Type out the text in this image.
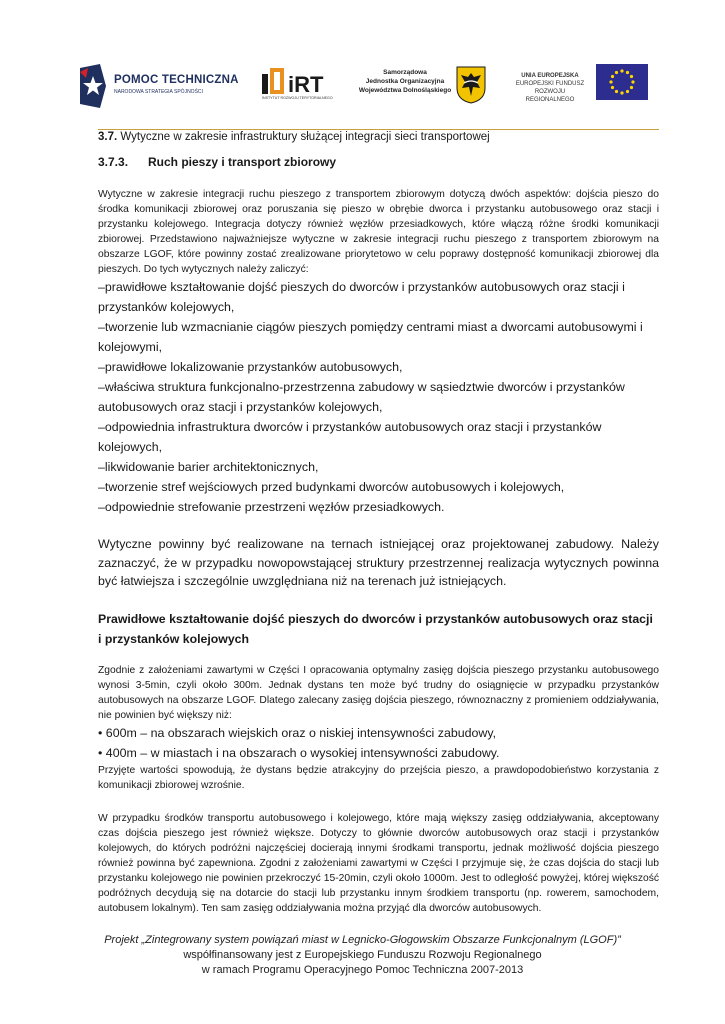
POMOC TECHNICZNA
NARODOWA STRATEGIA SPÓJNOŚCI	iRT
INSTYTUT ROZWOJU TERYTORIALNEGO
Samorządowa
Jednostka Organizacyjna
Województwa Dolnośląskiego
UNIA EUROPEJSKA
EUROPEJSKI FUNDUSZ
ROZWOJU REGIONALNEGO
3.7. Wytyczne w zakresie infrastruktury służącej integracji sieci transportowej
3.7.3. Ruch pieszy i transport zbiorowy

Wytyczne w zakresie integracji ruchu pieszego z transportem zbiorowym dotyczą dwóch aspektów: dojścia pieszo do środka komunikacji zbiorowej oraz poruszania się pieszo w obrębie dworca i przystanku autobusowego oraz stacji i przystanku kolejowego. Integracja dotyczy również węzłów przesiadkowych, które włączą różne środki komunikacji zbiorowej. Przedstawiono najważniejsze wytyczne w zakresie integracji ruchu pieszego z transportem zbiorowym na obszarze LGOF, które powinny zostać zrealizowane priorytetowo w celu poprawy dostępność komunikacji zbiorowej dla pieszych. Do tych wytycznych należy zaliczyć:

–prawidłowe kształtowanie dojść pieszych do dworców i przystanków autobusowych oraz stacji i przystanków kolejowych,

–tworzenie lub wzmacnianie ciągów pieszych pomiędzy centrami miast a dworcami autobusowymi i kolejowymi,

–prawidłowe lokalizowanie przystanków autobusowych,

–właściwa struktura funkcjonalno-przestrzenna zabudowy w sąsiedztwie dworców i przystanków autobusowych oraz stacji i przystanków kolejowych,

–odpowiednia infrastruktura dworców i przystanków autobusowych oraz stacji i przystanków kolejowych,

–likwidowanie barier architektonicznych,

–tworzenie stref wejściowych przed budynkami dworców autobusowych i kolejowych,

–odpowiednie strefowanie przestrzeni węzłów przesiadkowych.

Wytyczne powinny być realizowane na ternach istniejącej oraz projektowanej zabudowy. Należy zaznaczyć, że w przypadku nowopowstającej struktury przestrzennej realizacja wytycznych powinna być łatwiejsza i szczególnie uwzględniana niż na terenach już istniejących.

Prawidłowe kształtowanie dojść pieszych do dworców i przystanków autobusowych oraz stacji i przystanków kolejowych

Zgodnie z założeniami zawartymi w Części I opracowania optymalny zasięg dojścia pieszego przystanku autobusowego wynosi 3-5min, czyli około 300m. Jednak dystans ten może być trudny do osiągnięcie w przypadku przystanków autobusowych na obszarze LGOF. Dlatego zalecany zasięg dojścia pieszego, równoznaczny z promieniem oddziaływania, nie powinien być większy niż:

• 600m – na obszarach wiejskich oraz o niskiej intensywności zabudowy,

• 400m – w miastach i na obszarach o wysokiej intensywności zabudowy.

Przyjęte wartości spowodują, że dystans będzie atrakcyjny do przejścia pieszo, a prawdopodobieństwo korzystania z komunikacji zbiorowej wzrośnie.

W przypadku środków transportu autobusowego i kolejowego, które mają większy zasięg oddziaływania, akceptowany czas dojścia pieszego jest również większe. Dotyczy to głównie dworców autobusowych oraz stacji i przystanków kolejowych, do których podróżni najczęściej docierają innymi środkami transportu, jednak możliwość dojścia pieszego również powinna być zapewniona. Zgodni z założeniami zawartymi w Części I przyjmuje się, że czas dojścia do stacji lub przystanku kolejowego nie powinien przekroczyć 15-20min, czyli około 1000m. Jest to odległość powyżej, której większość podróżnych decydują się na dotarcie do stacji lub przystanku innym środkiem transportu (np. rowerem, samochodem, autobusem lokalnym). Ten sam zasięg oddziaływania można przyjąć dla dworców autobusowych.

Projekt „Zintegrowany system powiązań miast w Legnicko-Głogowskim Obszarze Funkcjonalnym (LGOF)”
współfinansowany jest z Europejskiego Funduszu Rozwoju Regionalnego
w ramach Programu Operacyjnego Pomoc Techniczna 2007-2013
